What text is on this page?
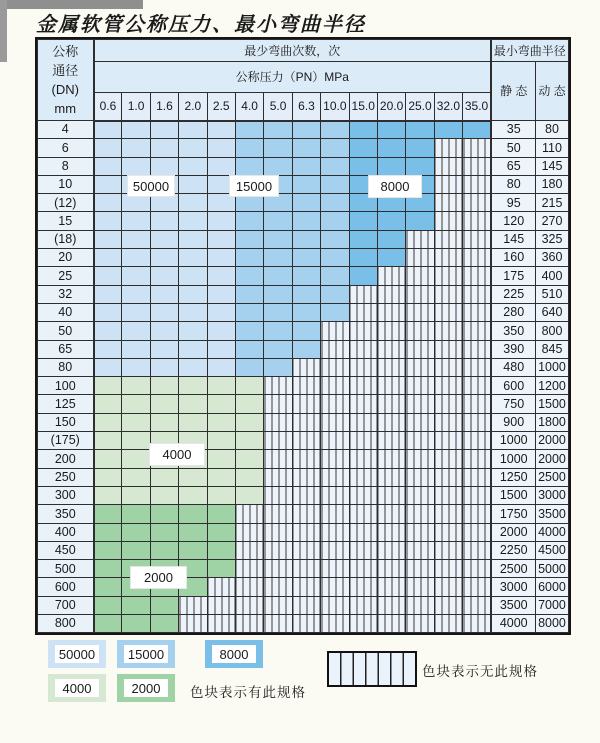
金属软管公称压力、最小弯曲半径
公称
通径
(DN)
mm	最少弯曲次数，次														最小弯曲半径	
	公称压力（PN）MPa														静 态	动 态
	0.6	1.0	1.6	2.0	2.5	4.0	5.0	6.3	10.0	15.0	20.0	25.0	32.0	35.0		
4															35	80
6															50	110
8															65	145
10															80	180
(12)															95	215
15															120	270
(18)															145	325
20															160	360
25															175	400
32															225	510
40															280	640
50															350	800
65															390	845
80															480	1000
100															600	1200
125															750	1500
150															900	1800
(175)															1000	2000
200															1000	2000
250															1250	2500
300															1500	3000
350															1750	3500
400															2000	4000
450															2250	4500
500															2500	5000
600															3000	6000
700															3500	7000
800															4000	8000
50000	15000	8000
4000
2000
色块表示有此规格
色块表示无此规格
50000	15000	8000
4000	2000
